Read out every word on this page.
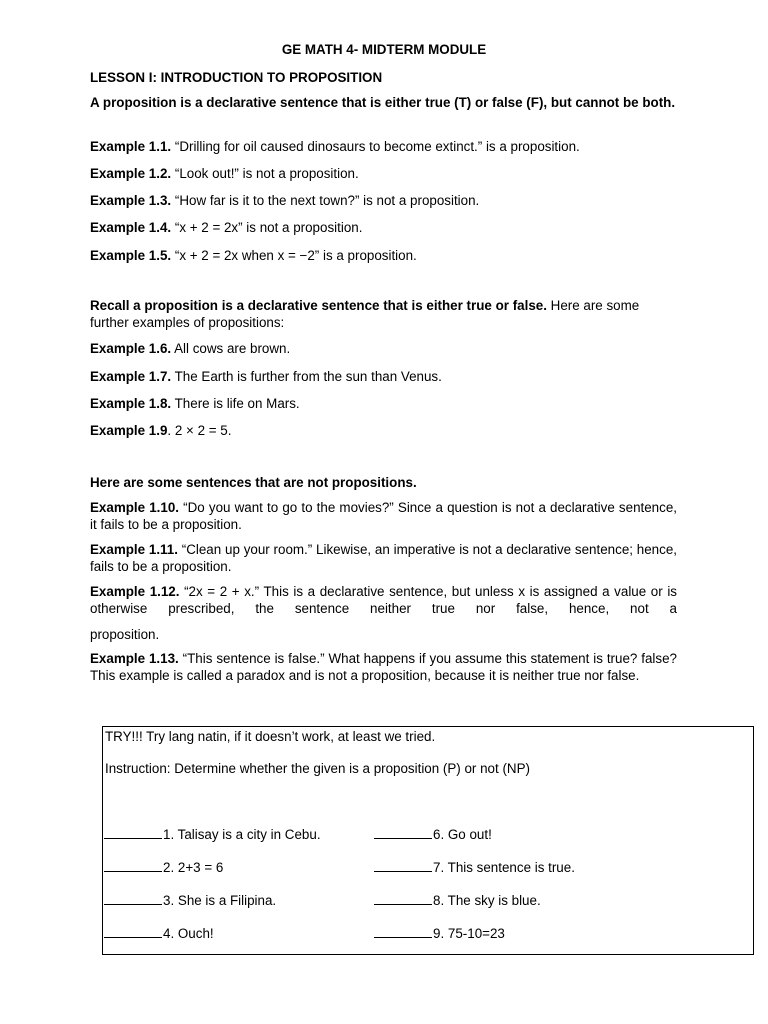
GE MATH 4- MIDTERM MODULE
LESSON I: INTRODUCTION TO PROPOSITION
A proposition is a declarative sentence that is either true (T) or false (F), but cannot be both.
Example 1.1. “Drilling for oil caused dinosaurs to become extinct.” is a proposition.
Example 1.2. “Look out!” is not a proposition.
Example 1.3. “How far is it to the next town?” is not a proposition.
Example 1.4. “x + 2 = 2x” is not a proposition.
Example 1.5. “x + 2 = 2x when x = −2” is a proposition.
Recall a proposition is a declarative sentence that is either true or false. Here are some further examples of propositions:
Example 1.6. All cows are brown.
Example 1.7. The Earth is further from the sun than Venus.
Example 1.8. There is life on Mars.
Example 1.9. 2 × 2 = 5.
Here are some sentences that are not propositions.
Example 1.10. “Do you want to go to the movies?” Since a question is not a declarative sentence, it fails to be a proposition.
Example 1.11. “Clean up your room.” Likewise, an imperative is not a declarative sentence; hence, fails to be a proposition.
Example 1.12. “2x = 2 + x.” This is a declarative sentence, but unless x is assigned a value or is otherwise prescribed, the sentence neither true nor false, hence, not a
proposition.
Example 1.13. “This sentence is false.” What happens if you assume this statement is true? false? This example is called a paradox and is not a proposition, because it is neither true nor false.
TRY!!! Try lang natin, if it doesn’t work, at least we tried.
Instruction: Determine whether the given is a proposition (P) or not (NP)
1. Talisay is a city in Cebu.
2. 2+3 = 6
3. She is a Filipina.
4. Ouch!
6. Go out!
7. This sentence is true.
8. The sky is blue.
9. 75-10=23
